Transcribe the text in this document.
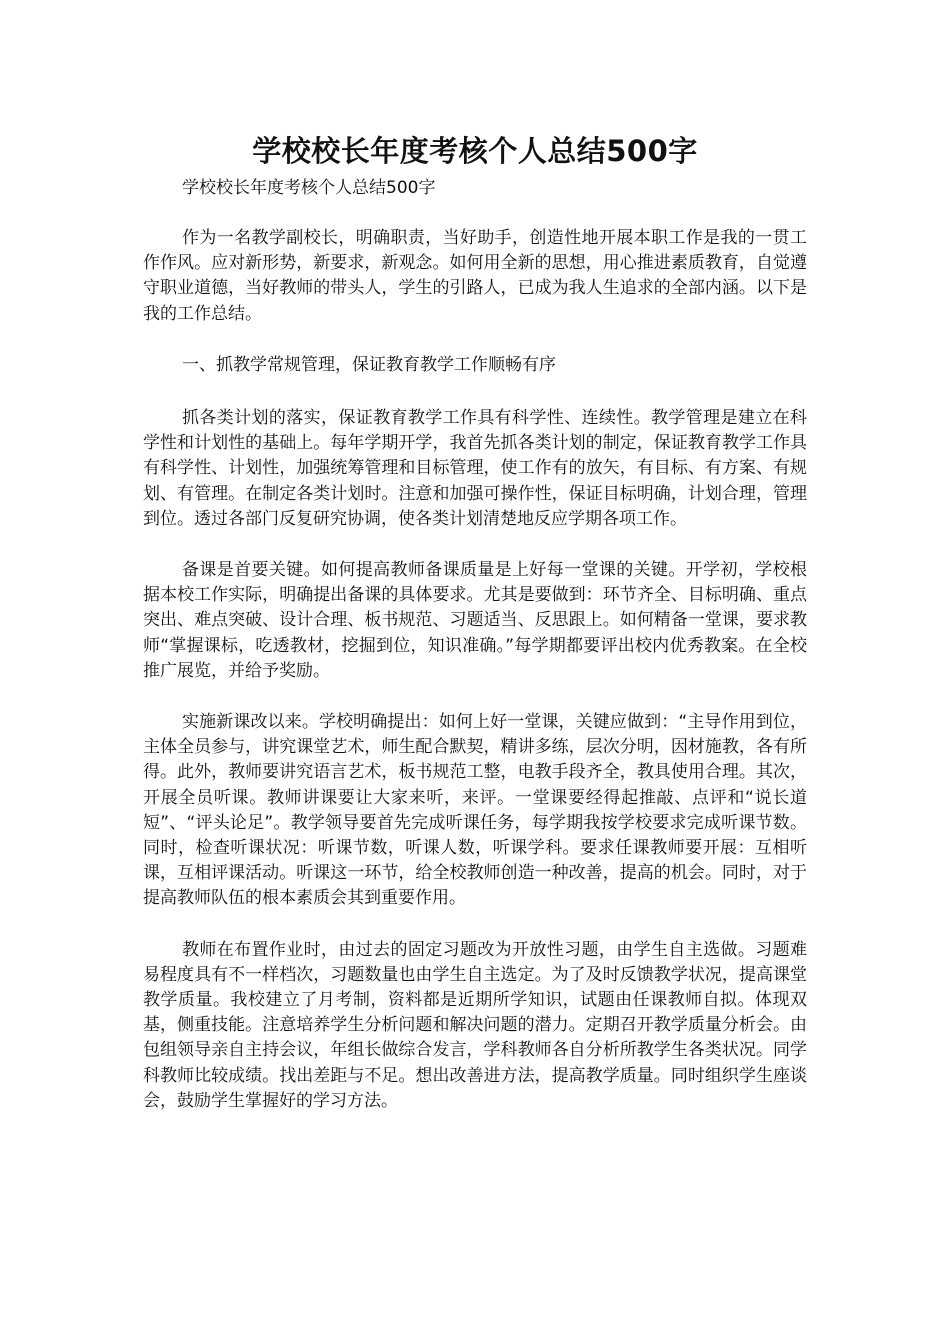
学校校长年度考核个人总结500字

学校校长年度考核个人总结500字

作为一名教学副校长，明确职责，当好助手，创造性地开展本职工作是我的一贯工作作风。应对新形势，新要求，新观念。如何用全新的思想，用心推进素质教育，自觉遵守职业道德，当好教师的带头人，学生的引路人，已成为我人生追求的全部内涵。以下是我的工作总结。

一、抓教学常规管理，保证教育教学工作顺畅有序

抓各类计划的落实，保证教育教学工作具有科学性、连续性。教学管理是建立在科学性和计划性的基础上。每年学期开学，我首先抓各类计划的制定，保证教育教学工作具有科学性、计划性，加强统筹管理和目标管理，使工作有的放矢，有目标、有方案、有规划、有管理。在制定各类计划时。注意和加强可操作性，保证目标明确，计划合理，管理到位。透过各部门反复研究协调，使各类计划清楚地反应学期各项工作。

备课是首要关键。如何提高教师备课质量是上好每一堂课的关键。开学初，学校根据本校工作实际，明确提出备课的具体要求。尤其是要做到：环节齐全、目标明确、重点突出、难点突破、设计合理、板书规范、习题适当、反思跟上。如何精备一堂课，要求教师“掌握课标，吃透教材，挖掘到位，知识准确。”每学期都要评出校内优秀教案。在全校推广展览，并给予奖励。

实施新课改以来。学校明确提出：如何上好一堂课，关键应做到：“主导作用到位，主体全员参与，讲究课堂艺术，师生配合默契，精讲多练，层次分明，因材施教，各有所得。此外，教师要讲究语言艺术，板书规范工整，电教手段齐全，教具使用合理。其次，开展全员听课。教师讲课要让大家来听，来评。一堂课要经得起推敲、点评和“说长道短”、“评头论足”。教学领导要首先完成听课任务，每学期我按学校要求完成听课节数。同时，检查听课状况：听课节数，听课人数，听课学科。要求任课教师要开展：互相听课，互相评课活动。听课这一环节，给全校教师创造一种改善，提高的机会。同时，对于提高教师队伍的根本素质会其到重要作用。

教师在布置作业时，由过去的固定习题改为开放性习题，由学生自主选做。习题难易程度具有不一样档次，习题数量也由学生自主选定。为了及时反馈教学状况，提高课堂教学质量。我校建立了月考制，资料都是近期所学知识，试题由任课教师自拟。体现双基，侧重技能。注意培养学生分析问题和解决问题的潜力。定期召开教学质量分析会。由包组领导亲自主持会议，年组长做综合发言，学科教师各自分析所教学生各类状况。同学科教师比较成绩。找出差距与不足。想出改善进方法，提高教学质量。同时组织学生座谈会，鼓励学生掌握好的学习方法。
